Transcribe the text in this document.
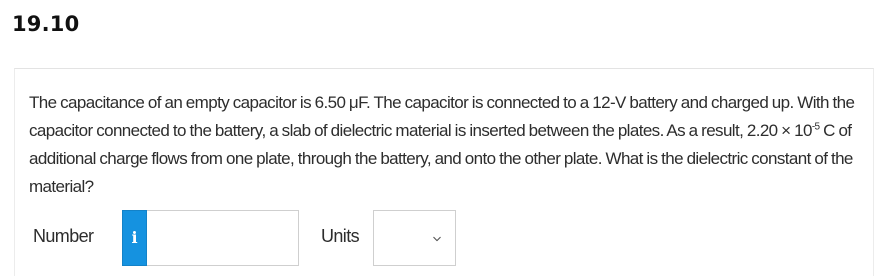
19.10
The capacitance of an empty capacitor is 6.50 μF. The capacitor is connected to a 12-V battery and charged up. With the capacitor connected to the battery, a slab of dielectric material is inserted between the plates. As a result, $2.20 \times 10^{-5}$ C of additional charge flows from one plate, through the battery, and onto the other plate. What is the dielectric constant of the material?
Number i	Units
